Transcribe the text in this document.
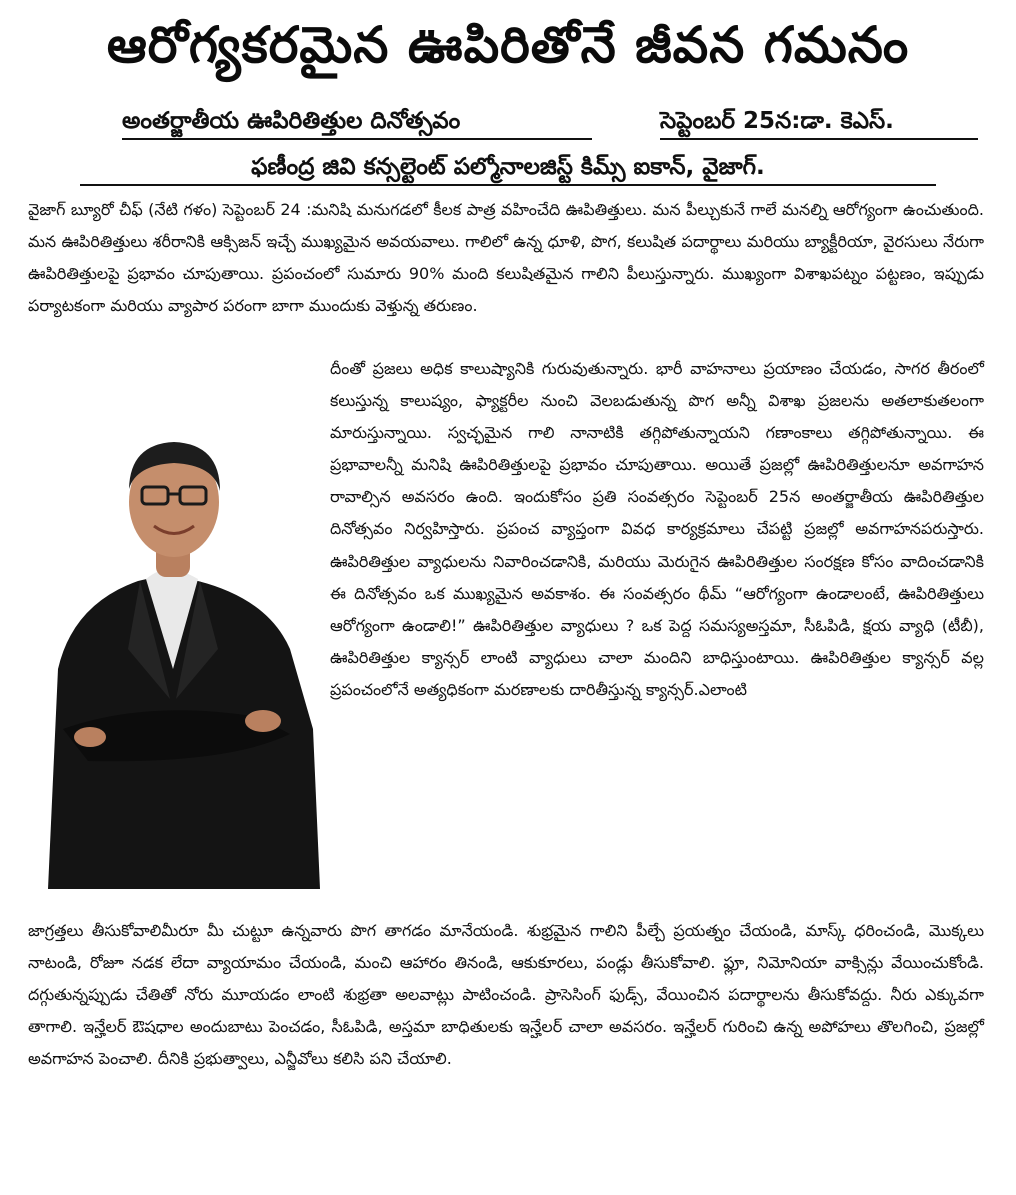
ఆరోగ్యకరమైన ఊపిరితోనే జీవన గమనం
అంతర్జాతీయ ఊపిరితిత్తుల దినోత్సవం	సెప్టెంబర్ 25న:డా. కెఎస్.
ఫణీంద్ర జివి కన్సల్టెంట్ పల్మోనాలజిస్ట్ కిమ్స్ ఐకాన్, వైజాగ్.
వైజాగ్ బ్యూరో చీఫ్ (నేటి గళం) సెప్టెంబర్ 24 :మనిషి మనుగడలో కీలక పాత్ర వహించేది ఊపితిత్తులు. మన పీల్చుకునే గాలే మనల్ని ఆరోగ్యంగా ఉంచుతుంది. మన ఊపిరితిత్తులు శరీరానికి ఆక్సిజన్ ఇచ్చే ముఖ్యమైన అవయవాలు. గాలిలో ఉన్న ధూళి, పొగ, కలుషిత పదార్థాలు మరియు బ్యాక్టీరియా, వైరసులు నేరుగా ఊపిరితిత్తులపై ప్రభావం చూపుతాయి. ప్రపంచంలో సుమారు 90% మంది కలుషితమైన గాలిని పీలుస్తున్నారు. ముఖ్యంగా విశాఖపట్నం పట్టణం, ఇప్పుడు పర్యాటకంగా మరియు వ్యాపార పరంగా బాగా ముందుకు వెళ్తున్న తరుణం.
దీంతో ప్రజలు అధిక కాలుష్యానికి గురువుతున్నారు. భారీ వాహనాలు ప్రయాణం చేయడం, సాగర తీరంలో కలుస్తున్న కాలుష్యం, ఫ్యాక్టరీల నుంచి వెలబడుతున్న పొగ అన్నీ విశాఖ ప్రజలను అతలాకుతలంగా మారుస్తున్నాయి. స్వచ్ఛమైన గాలి నానాటికి తగ్గిపోతున్నాయని గణాంకాలు తగ్గిపోతున్నాయి. ఈ ప్రభావాలన్నీ మనిషి ఊపిరితిత్తులపై ప్రభావం చూపుతాయి. అయితే ప్రజల్లో ఊపిరితిత్తులనూ అవగాహన రావాల్సిన అవసరం ఉంది. ఇందుకోసం ప్రతి సంవత్సరం సెప్టెంబర్ 25న అంతర్జాతీయ ఊపిరితిత్తుల దినోత్సవం నిర్వహిస్తారు. ప్రపంచ వ్యాప్తంగా వివధ కార్యక్రమాలు చేపట్టి ప్రజల్లో అవగాహనపరుస్తారు. ఊపిరితిత్తుల వ్యాధులను నివారించడానికి, మరియు మెరుగైన ఊపిరితిత్తుల సంరక్షణ కోసం వాదించడానికి ఈ దినోత్సవం ఒక ముఖ్యమైన అవకాశం. ఈ సంవత్సరం థీమ్ “ఆరోగ్యంగా ఉండాలంటే, ఊపిరితిత్తులు ఆరోగ్యంగా ఉండాలి!” ఊపిరితిత్తుల వ్యాధులు ? ఒక పెద్ద సమస్యఅస్తమా, సీఓపిడి, క్షయ వ్యాధి (టీబీ), ఊపిరితిత్తుల క్యాన్సర్ లాంటి వ్యాధులు చాలా మందిని బాధిస్తుంటాయి. ఊపిరితిత్తుల క్యాన్సర్ వల్ల ప్రపంచంలోనే అత్యధికంగా మరణాలకు దారితీస్తున్న క్యాన్సర్.ఎలాంటి
జాగ్రత్తలు తీసుకోవాలిమీరూ మీ చుట్టూ ఉన్నవారు పొగ తాగడం మానేయండి. శుభ్రమైన గాలిని పీల్చే ప్రయత్నం చేయండి, మాస్క్ ధరించండి, మొక్కలు నాటండి, రోజూ నడక లేదా వ్యాయామం చేయండి, మంచి ఆహారం తినండి, ఆకుకూరలు, పండ్లు తీసుకోవాలి. ఫ్లూ, నిమోనియా వాక్సిన్లు వేయించుకోండి. దగ్గుతున్నప్పుడు చేతితో నోరు మూయడం లాంటి శుభ్రతా అలవాట్లు పాటించండి. ప్రాసెసింగ్ ఫుడ్స్, వేయించిన పదార్థాలను తీసుకోవద్దు. నీరు ఎక్కువగా తాగాలి. ఇన్హేలర్ ఔషధాల అందుబాటు పెంచడం, సీఓపిడి, అస్తమా బాధితులకు ఇన్హేలర్ చాలా అవసరం. ఇన్హేలర్ గురించి ఉన్న అపోహలు తొలగించి, ప్రజల్లో అవగాహన పెంచాలి. దీనికి ప్రభుత్వాలు, ఎన్జీవోలు కలిసి పని చేయాలి.
